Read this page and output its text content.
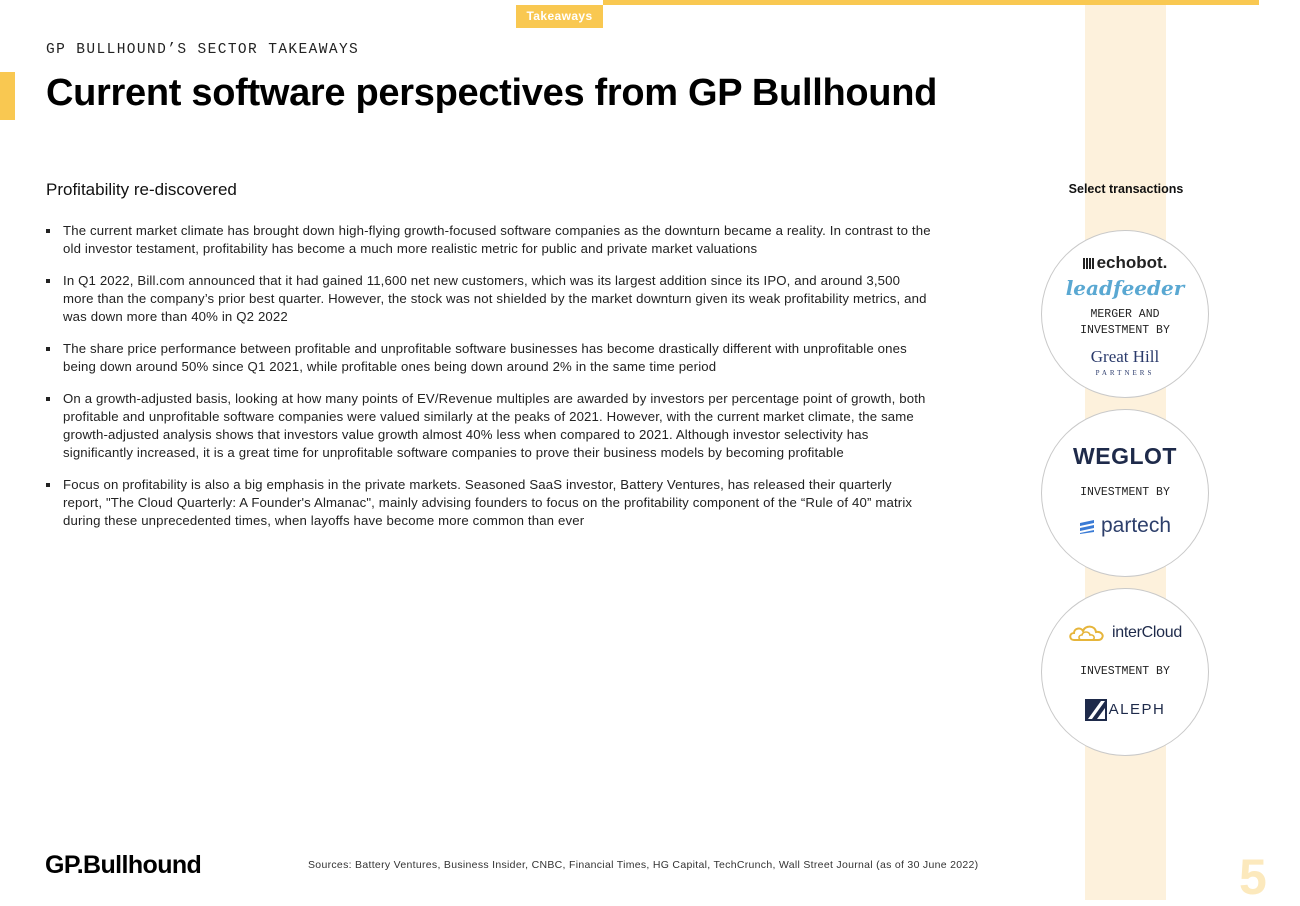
Takeaways
GP BULLHOUND’S SECTOR TAKEAWAYS
Current software perspectives from GP Bullhound
Profitability re-discovered
The current market climate has brought down high-flying growth-focused software companies as the downturn became a reality. In contrast to the old investor testament, profitability has become a much more realistic metric for public and private market valuations
In Q1 2022, Bill.com announced that it had gained 11,600 net new customers, which was its largest addition since its IPO, and around 3,500 more than the company’s prior best quarter. However, the stock was not shielded by the market downturn given its weak profitability metrics, and was down more than 40% in Q2 2022
The share price performance between profitable and unprofitable software businesses has become drastically different with unprofitable ones being down around 50% since Q1 2021, while profitable ones being down around 2% in the same time period
On a growth-adjusted basis, looking at how many points of EV/Revenue multiples are awarded by investors per percentage point of growth, both profitable and unprofitable software companies were valued similarly at the peaks of 2021. However, with the current market climate, the same growth-adjusted analysis shows that investors value growth almost 40% less when compared to 2021. Although investor selectivity has significantly increased, it is a great time for unprofitable software companies to prove their business models by becoming profitable
Focus on profitability is also a big emphasis in the private markets. Seasoned SaaS investor, Battery Ventures, has released their quarterly report, "The Cloud Quarterly: A Founder's Almanac", mainly advising founders to focus on the profitability component of the “Rule of 40” matrix during these unprecedented times, when layoffs have become more common than ever
Select transactions
echobot.
leadfeeder
MERGER AND
INVESTMENT BY
Great Hill
PARTNERS
WEGLOT
INVESTMENT BY
partech
interCloud
INVESTMENT BY
ALEPH
GP.Bullhound	Sources: Battery Ventures, Business Insider, CNBC, Financial Times, HG Capital, TechCrunch, Wall Street Journal (as of 30 June 2022)	5
